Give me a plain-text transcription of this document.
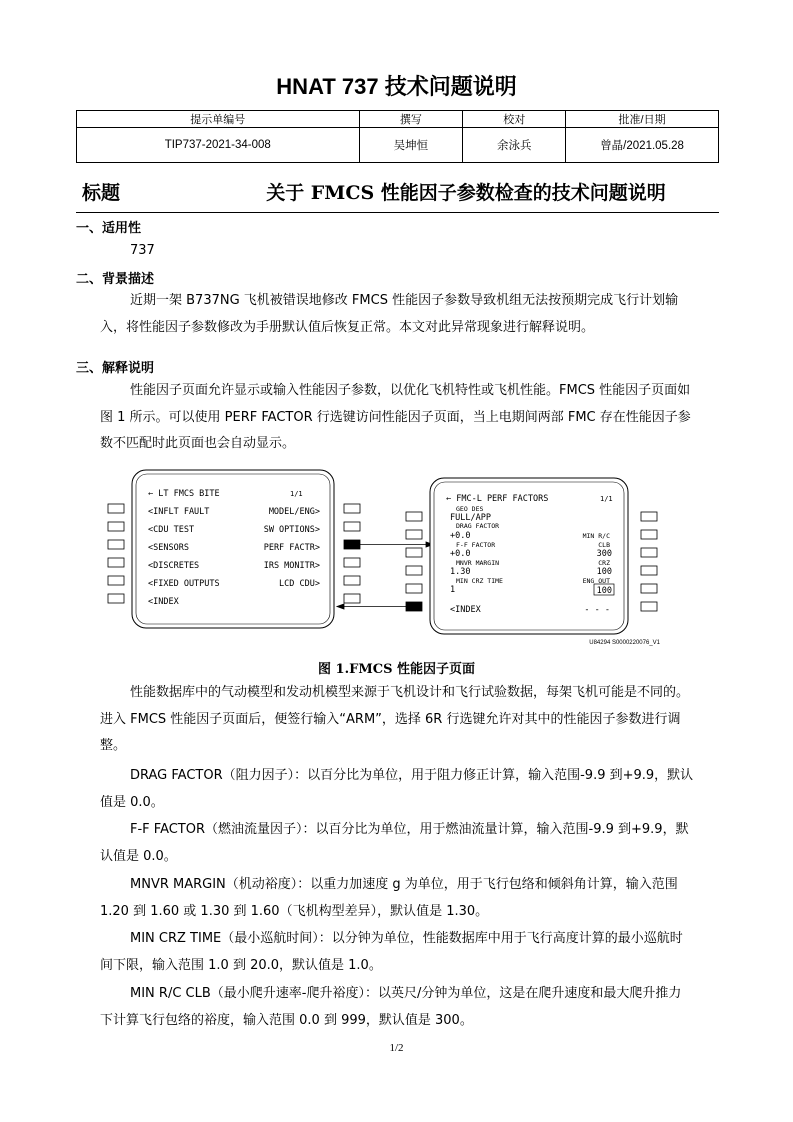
HNAT 737 技术问题说明
提示单编号	撰写	校对	批准/日期
TIP737-2021-34-008	吴坤恒	余泳兵	曾晶/2021.05.28
标题	关于 FMCS 性能因子参数检查的技术问题说明
一、适用性
737
二、背景描述
近期一架 B737NG 飞机被错误地修改 FMCS 性能因子参数导致机组无法按预期完成飞行计划输入，将性能因子参数修改为手册默认值后恢复正常。本文对此异常现象进行解释说明。
三、解释说明
性能因子页面允许显示或输入性能因子参数，以优化飞机特性或飞机性能。FMCS 性能因子页面如图 1 所示。可以使用 PERF FACTOR 行选键访问性能因子页面，当上电期间两部 FMC 存在性能因子参数不匹配时此页面也会自动显示。
← LT FMCS BITE	1/1
<INFLT FAULT	MODEL/ENG>
<CDU TEST	SW OPTIONS>
<SENSORS	PERF FACTR>
<DISCRETES	IRS MONITR>
<FIXED OUTPUTS	LCD CDU>
<INDEX
← FMC-L PERF FACTORS	1/1
GEO DES
FULL/APP
DRAG FACTOR
MIN R/C
+0.0
CLB
F-F FACTOR
+0.0	300
MNVR MARGIN	CRZ
1.30	100
MIN CRZ TIME	ENG OUT
1	100
<INDEX	- - -
U84294 S0000220076_V1
图 1.FMCS 性能因子页面
性能数据库中的气动模型和发动机模型来源于飞机设计和飞行试验数据，每架飞机可能是不同的。进入 FMCS 性能因子页面后，便签行输入“ARM”，选择 6R 行选键允许对其中的性能因子参数进行调整。
DRAG FACTOR（阻力因子）：以百分比为单位，用于阻力修正计算，输入范围-9.9 到+9.9，默认值是 0.0。
F-F FACTOR（燃油流量因子）：以百分比为单位，用于燃油流量计算，输入范围-9.9 到+9.9，默认值是 0.0。
MNVR MARGIN（机动裕度）：以重力加速度 g 为单位，用于飞行包络和倾斜角计算，输入范围 1.20 到 1.60 或 1.30 到 1.60（飞机构型差异），默认值是 1.30。
MIN CRZ TIME（最小巡航时间）：以分钟为单位，性能数据库中用于飞行高度计算的最小巡航时间下限，输入范围 1.0 到 20.0，默认值是 1.0。
MIN R/C CLB（最小爬升速率-爬升裕度）：以英尺/分钟为单位，这是在爬升速度和最大爬升推力下计算飞行包络的裕度，输入范围 0.0 到 999，默认值是 300。
1/2
